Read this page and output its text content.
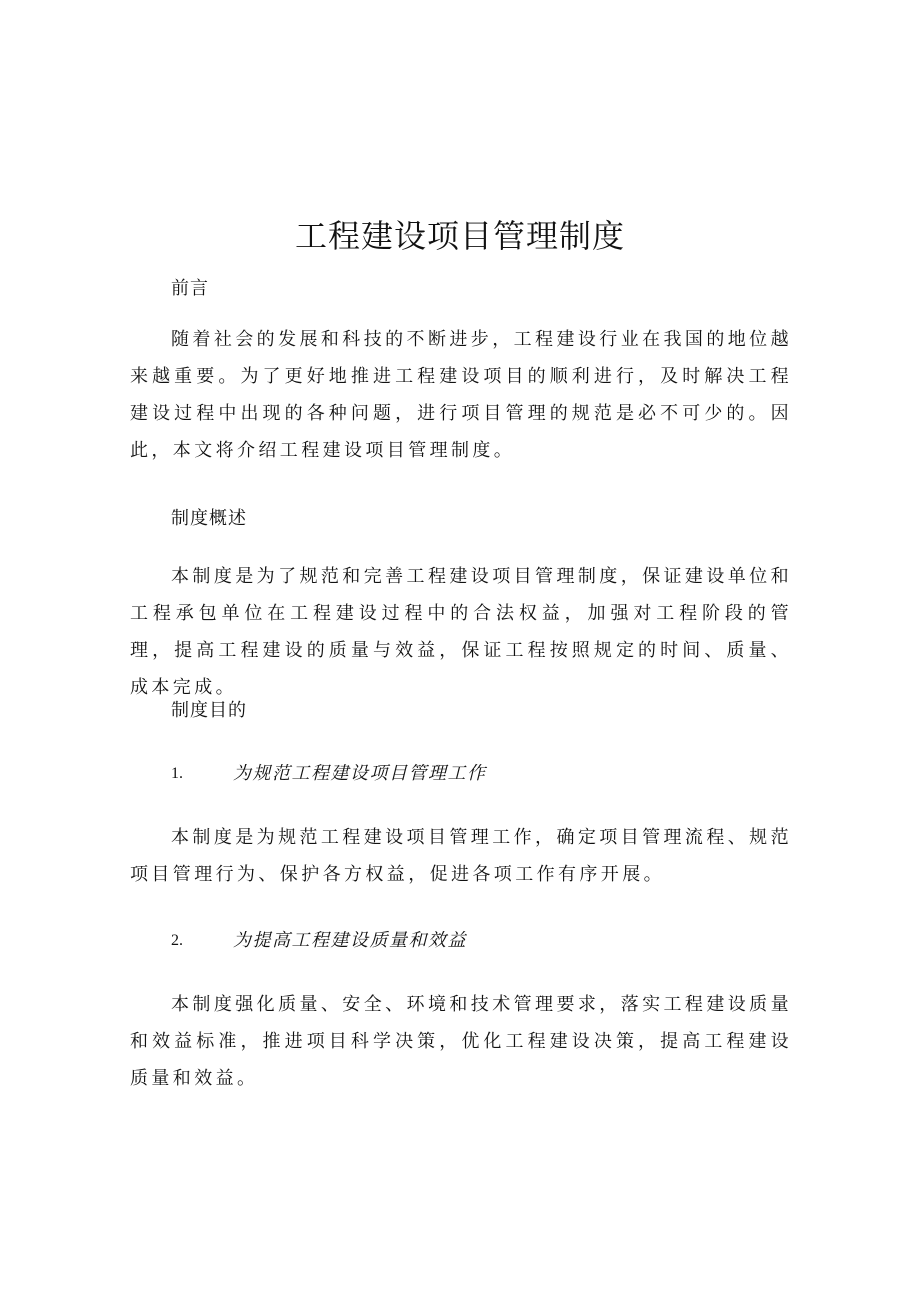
工程建设项目管理制度

前言

随着社会的发展和科技的不断进步，工程建设行业在我国的地位越来越重要。为了更好地推进工程建设项目的顺利进行，及时解决工程建设过程中出现的各种问题，进行项目管理的规范是必不可少的。因此，本文将介绍工程建设项目管理制度。

制度概述

本制度是为了规范和完善工程建设项目管理制度，保证建设单位和工程承包单位在工程建设过程中的合法权益，加强对工程阶段的管理，提高工程建设的质量与效益，保证工程按照规定的时间、质量、成本完成。

制度目的

1.	为规范工程建设项目管理工作

本制度是为规范工程建设项目管理工作，确定项目管理流程、规范项目管理行为、保护各方权益，促进各项工作有序开展。

2.	为提高工程建设质量和效益

本制度强化质量、安全、环境和技术管理要求，落实工程建设质量和效益标准，推进项目科学决策，优化工程建设决策，提高工程建设质量和效益。
